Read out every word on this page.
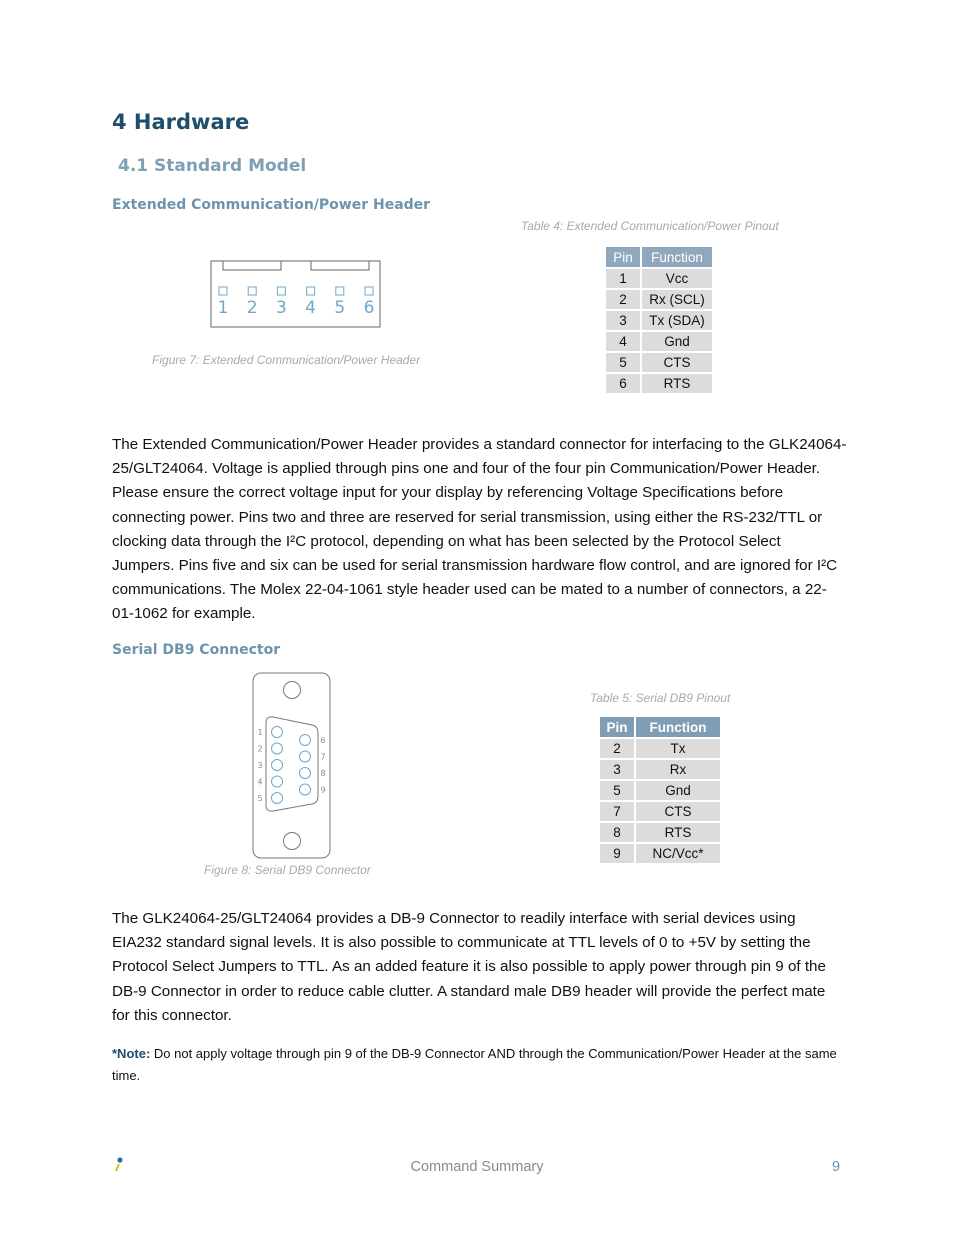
4 Hardware
4.1 Standard Model
Extended Communication/Power Header
Table 4: Extended Communication/Power Pinout
1 2 3 4 5 6
Pin	Function
1	Vcc
2	Rx (SCL)
3	Tx (SDA)
4	Gnd
5	CTS
6	RTS
Figure 7: Extended Communication/Power Header
The Extended Communication/Power Header provides a standard connector for interfacing to the GLK24064-25/GLT24064. Voltage is applied through pins one and four of the four pin Communication/Power Header. Please ensure the correct voltage input for your display by referencing Voltage Specifications before connecting power. Pins two and three are reserved for serial transmission, using either the RS-232/TTL or clocking data through the I²C protocol, depending on what has been selected by the Protocol Select Jumpers. Pins five and six can be used for serial transmission hardware flow control, and are ignored for I²C communications. The Molex 22-04-1061 style header used can be mated to a number of connectors, a 22-01-1062 for example.
Serial DB9 Connector
1
2
3
4
5
6
7
8
9
Table 5: Serial DB9 Pinout
Pin	Function
2	Tx
3	Rx
5	Gnd
7	CTS
8	RTS
9	NC/Vcc*
Figure 8: Serial DB9 Connector
The GLK24064-25/GLT24064 provides a DB-9 Connector to readily interface with serial devices using EIA232 standard signal levels. It is also possible to communicate at TTL levels of 0 to +5V by setting the Protocol Select Jumpers to TTL. As an added feature it is also possible to apply power through pin 9 of the DB-9 Connector in order to reduce cable clutter. A standard male DB9 header will provide the perfect mate for this connector.
*Note: Do not apply voltage through pin 9 of the DB-9 Connector AND through the Communication/Power Header at the same time.
Command Summary	9
